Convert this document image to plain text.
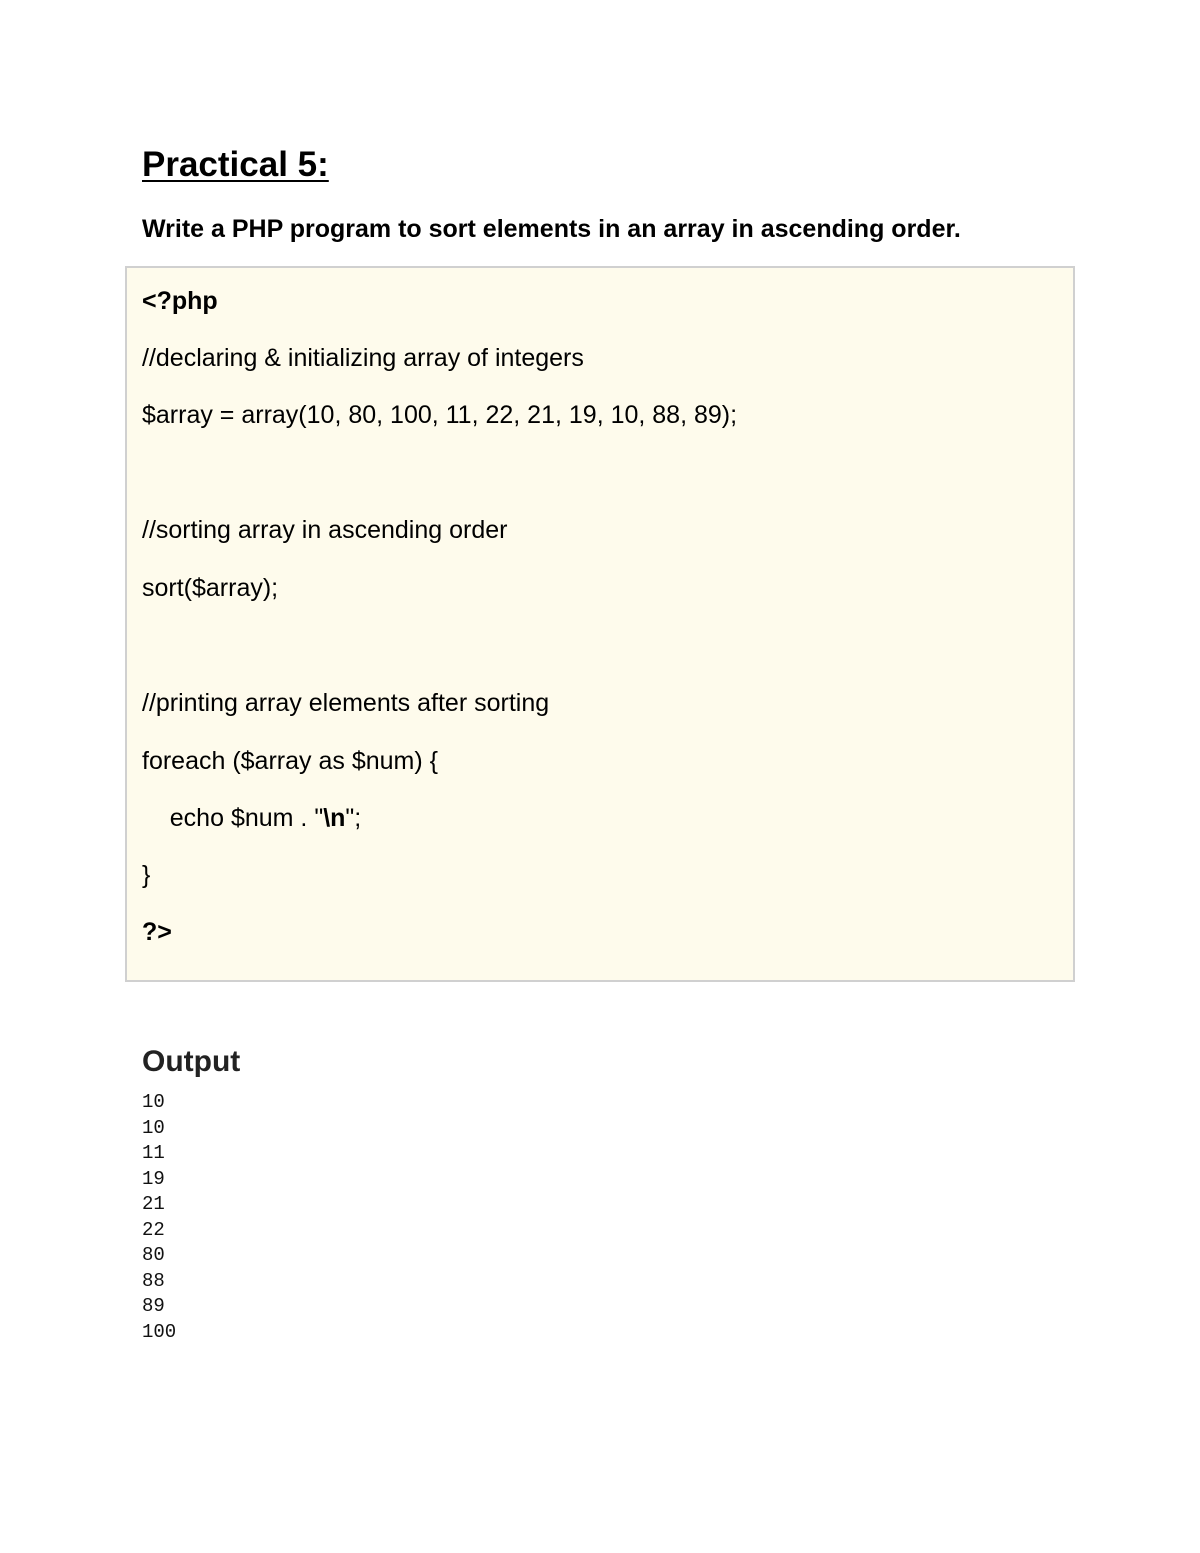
Practical 5:

Write a PHP program to sort elements in an array in ascending order.

<?php
//declaring & initializing array of integers
$array = array(10, 80, 100, 11, 22, 21, 19, 10, 88, 89);
//sorting array in ascending order
sort($array);
//printing array elements after sorting
foreach ($array as $num) {
echo $num . "\n";
}
?>
Output
10
10
11
19
21
22
80
88
89
100
